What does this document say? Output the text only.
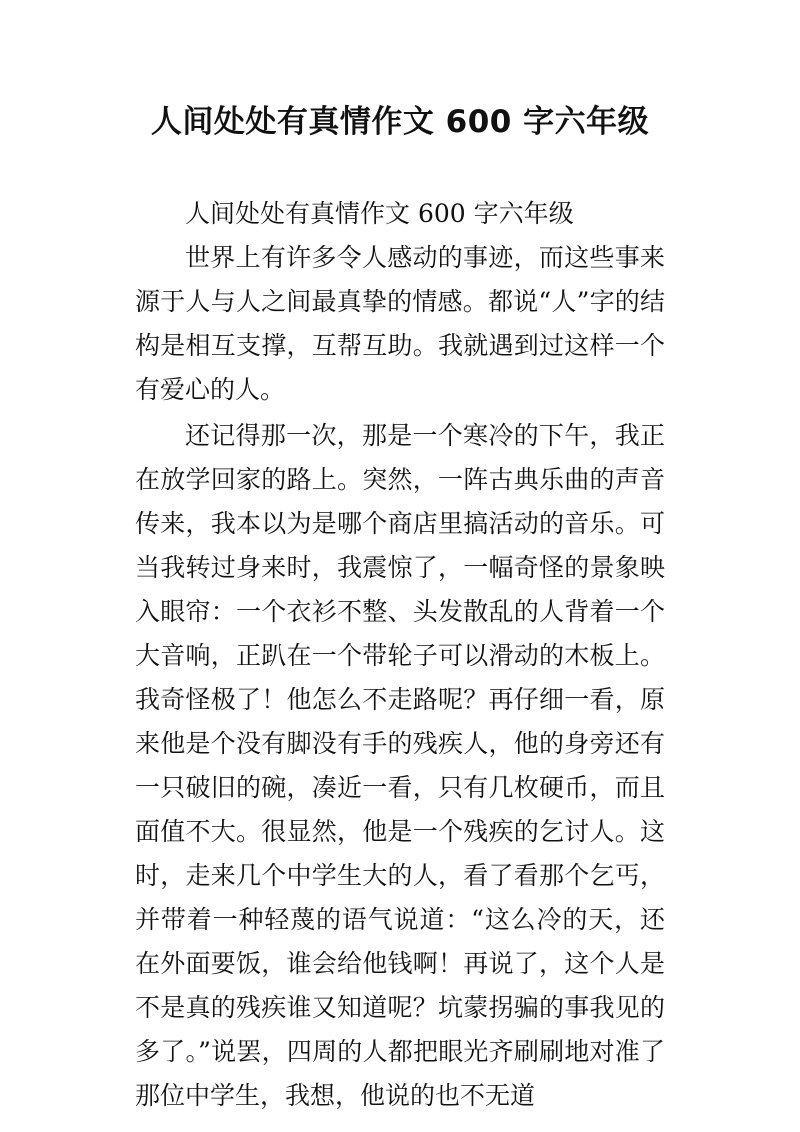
人间处处有真情作文 600 字六年级

人间处处有真情作文 600 字六年级

世界上有许多令人感动的事迹，而这些事来源于人与人之间最真挚的情感。都说“人”字的结构是相互支撑，互帮互助。我就遇到过这样一个有爱心的人。

还记得那一次，那是一个寒冷的下午，我正在放学回家的路上。突然，一阵古典乐曲的声音传来，我本以为是哪个商店里搞活动的音乐。可当我转过身来时，我震惊了，一幅奇怪的景象映入眼帘：一个衣衫不整、头发散乱的人背着一个大音响，正趴在一个带轮子可以滑动的木板上。我奇怪极了！他怎么不走路呢？再仔细一看，原来他是个没有脚没有手的残疾人，他的身旁还有一只破旧的碗，凑近一看，只有几枚硬币，而且面值不大。很显然，他是一个残疾的乞讨人。这时，走来几个中学生大的人，看了看那个乞丐，并带着一种轻蔑的语气说道：“这么冷的天，还在外面要饭，谁会给他钱啊！再说了，这个人是不是真的残疾谁又知道呢？坑蒙拐骗的事我见的多了。”说罢，四周的人都把眼光齐刷刷地对准了那位中学生，我想，他说的也不无道
